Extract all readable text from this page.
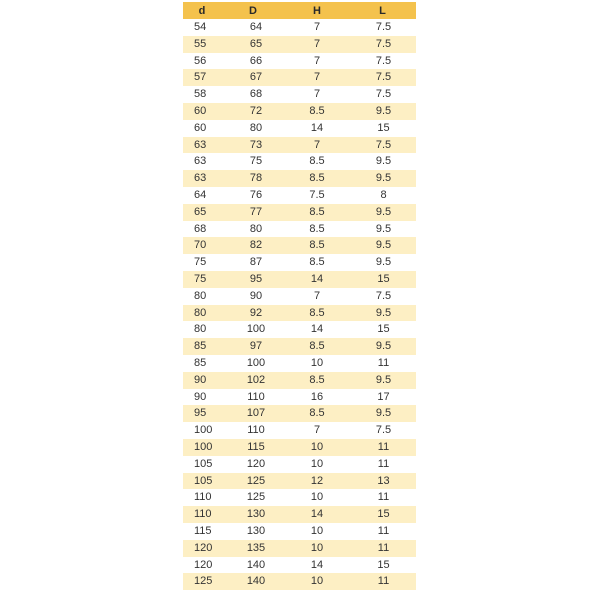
d	D	H	L
54	64	7	7.5
55	65	7	7.5
56	66	7	7.5
57	67	7	7.5
58	68	7	7.5
60	72	8.5	9.5
60	80	14	15
63	73	7	7.5
63	75	8.5	9.5
63	78	8.5	9.5
64	76	7.5	8
65	77	8.5	9.5
68	80	8.5	9.5
70	82	8.5	9.5
75	87	8.5	9.5
75	95	14	15
80	90	7	7.5
80	92	8.5	9.5
80	100	14	15
85	97	8.5	9.5
85	100	10	11
90	102	8.5	9.5
90	110	16	17
95	107	8.5	9.5
100	110	7	7.5
100	115	10	11
105	120	10	11
105	125	12	13
110	125	10	11
110	130	14	15
115	130	10	11
120	135	10	11
120	140	14	15
125	140	10	11
